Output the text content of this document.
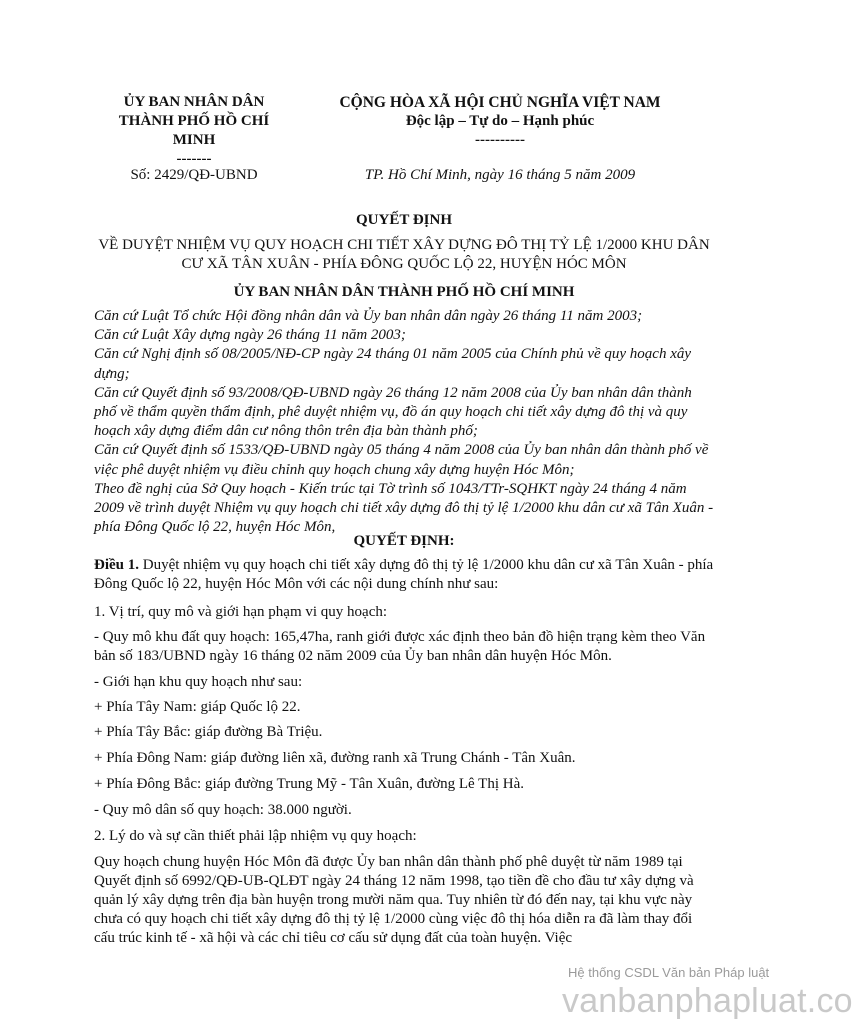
ỦY BAN NHÂN DÂN
THÀNH PHỐ HỒ CHÍ
MINH
-------
CỘNG HÒA XÃ HỘI CHỦ NGHĨA VIỆT NAM
Độc lập – Tự do – Hạnh phúc
----------
Số: 2429/QĐ-UBND	TP. Hồ Chí Minh, ngày 16 tháng 5 năm 2009
QUYẾT ĐỊNH
VỀ DUYỆT NHIỆM VỤ QUY HOẠCH CHI TIẾT XÂY DỰNG ĐÔ THỊ TỶ LỆ 1/2000 KHU DÂN CƯ XÃ TÂN XUÂN - PHÍA ĐÔNG QUỐC LỘ 22, HUYỆN HÓC MÔN
ỦY BAN NHÂN DÂN THÀNH PHỐ HỒ CHÍ MINH

Căn cứ Luật Tổ chức Hội đồng nhân dân và Ủy ban nhân dân ngày 26 tháng 11 năm 2003;

Căn cứ Luật Xây dựng ngày 26 tháng 11 năm 2003;

Căn cứ Nghị định số 08/2005/NĐ-CP ngày 24 tháng 01 năm 2005 của Chính phủ về quy hoạch xây dựng;

Căn cứ Quyết định số 93/2008/QĐ-UBND ngày 26 tháng 12 năm 2008 của Ủy ban nhân dân thành phố về thẩm quyền thẩm định, phê duyệt nhiệm vụ, đồ án quy hoạch chi tiết xây dựng đô thị và quy hoạch xây dựng điểm dân cư nông thôn trên địa bàn thành phố;

Căn cứ Quyết định số 1533/QĐ-UBND ngày 05 tháng 4 năm 2008 của Ủy ban nhân dân thành phố về việc phê duyệt nhiệm vụ điều chỉnh quy hoạch chung xây dựng huyện Hóc Môn;

Theo đề nghị của Sở Quy hoạch - Kiến trúc tại Tờ trình số 1043/TTr-SQHKT ngày 24 tháng 4 năm 2009 về trình duyệt Nhiệm vụ quy hoạch chi tiết xây dựng đô thị tỷ lệ 1/2000 khu dân cư xã Tân Xuân - phía Đông Quốc lộ 22, huyện Hóc Môn,

QUYẾT ĐỊNH:

Điều 1. Duyệt nhiệm vụ quy hoạch chi tiết xây dựng đô thị tỷ lệ 1/2000 khu dân cư xã Tân Xuân - phía Đông Quốc lộ 22, huyện Hóc Môn với các nội dung chính như sau:

1. Vị trí, quy mô và giới hạn phạm vi quy hoạch:
- Quy mô khu đất quy hoạch: 165,47ha, ranh giới được xác định theo bản đồ hiện trạng kèm theo Văn bản số 183/UBND ngày 16 tháng 02 năm 2009 của Ủy ban nhân dân huyện Hóc Môn.
- Giới hạn khu quy hoạch như sau:
+ Phía Tây Nam: giáp Quốc lộ 22.
+ Phía Tây Bắc: giáp đường Bà Triệu.
+ Phía Đông Nam: giáp đường liên xã, đường ranh xã Trung Chánh - Tân Xuân.
+ Phía Đông Bắc: giáp đường Trung Mỹ - Tân Xuân, đường Lê Thị Hà.
- Quy mô dân số quy hoạch: 38.000 người.
2. Lý do và sự cần thiết phải lập nhiệm vụ quy hoạch:
Quy hoạch chung huyện Hóc Môn đã được Ủy ban nhân dân thành phố phê duyệt từ năm 1989 tại Quyết định số 6992/QĐ-UB-QLĐT ngày 24 tháng 12 năm 1998, tạo tiền đề cho đầu tư xây dựng và quản lý xây dựng trên địa bàn huyện trong mười năm qua. Tuy nhiên từ đó đến nay, tại khu vực này chưa có quy hoạch chi tiết xây dựng đô thị tỷ lệ 1/2000 cùng việc đô thị hóa diễn ra đã làm thay đổi cấu trúc kinh tế - xã hội và các chỉ tiêu cơ cấu sử dụng đất của toàn huyện. Việc
Hệ thống CSDL Văn bản Pháp luật
vanbanphapluat.co
